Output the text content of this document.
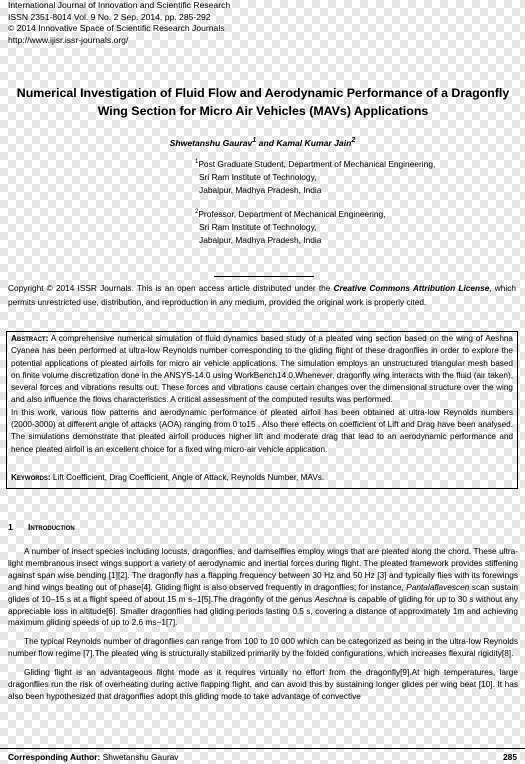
International Journal of Innovation and Scientific Research
ISSN 2351-8014 Vol. 9 No. 2 Sep. 2014, pp. 285-292
© 2014 Innovative Space of Scientific Research Journals
http://www.ijisr.issr-journals.org/
Numerical Investigation of Fluid Flow and Aerodynamic Performance of a Dragonfly Wing Section for Micro Air Vehicles (MAVs) Applications
Shwetanshu Gaurav$^1$ and Kamal Kumar Jain$^2$
$^1$Post Graduate Student, Department of Mechanical Engineering,
Sri Ram Institute of Technology,
Jabalpur, Madhya Pradesh, India
$^2$Professor, Department of Mechanical Engineering,
Sri Ram Institute of Technology,
Jabalpur, Madhya Pradesh, India
Copyright © 2014 ISSR Journals. This is an open access article distributed under the Creative Commons Attribution License, which permits unrestricted use, distribution, and reproduction in any medium, provided the original work is properly cited.

Abstract: A comprehensive numerical simulation of fluid dynamics based study of a pleated wing section based on the wing of Aeshna Cyanea has been performed at ultra-low Reynolds number corresponding to the gliding flight of these dragonflies in order to explore the potential applications of pleated airfoils for micro air vehicle applications. The simulation employs an unstructured triangular mesh based on finite volume discretization done in the ANSYS-14.0 using WorkBench14.0.Whenever, dragonfly wing interacts with the fluid (air taken), several forces and vibrations results out. These forces and vibrations cause certain changes over the dimensional structure over the wing and also influence the flows characteristics. A critical assessment of the computed results was performed.

In this work, various flow patterns and aerodynamic performance of pleated airfoil has been obtained at ultra-low Reynolds numbers (2000-3000) at different angle of attacks (AOA) ranging from 0 to15 . Also there effects on coefficient of Lift and Drag have been analysed. The simulations demonstrate that pleated airfoil produces higher lift and moderate drag that lead to an aerodynamic performance and hence pleated airfoil is an excellent choice for a fixed wing micro-air vehicle application.

Keywords: Lift Coefficient, Drag Coefficient, Angle of Attack, Reynolds Number, MAVs.

1 Introduction

A number of insect species including locusts, dragonflies, and damselflies employ wings that are pleated along the chord. These ultra-light membranous insect wings support a variety of aerodynamic and inertial forces during flight. The pleated framework provides stiffening against span wise bending [1][2]. The dragonfly has a flapping frequency between 30 Hz and 50 Hz [3] and typically flies with its forewings and hind wings beating out of phase[4]. Gliding flight is also observed frequently in dragonflies; for instance, Pantalaflavescen scan sustain glides of 10–15 s at a flight speed of about 15 m s−1[5].The dragonfly of the genus Aeschna is capable of gliding for up to 30 s without any appreciable loss in altitude[6]. Smaller dragonflies had gliding periods lasting 0.5 s, covering a distance of approximately 1m and achieving maximum gliding speeds of up to 2.6 ms−1[7].

The typical Reynolds number of dragonflies can range from 100 to 10 000 which can be categorized as being in the ultra-low Reynolds number flow regime [7].The pleated wing is structurally stabilized primarily by the folded configurations, which increases flexural rigidity[8].

Gliding flight is an advantageous flight mode as it requires virtually no effort from the dragonfly[9].At high temperatures, large dragonflies run the risk of overheating during active flapping flight, and can avoid this by sustaining longer glides per wing beat [10]. It has also been hypothesized that dragonflies adopt this gliding mode to take advantage of convective

Corresponding Author: Shwetanshu Gaurav	285
